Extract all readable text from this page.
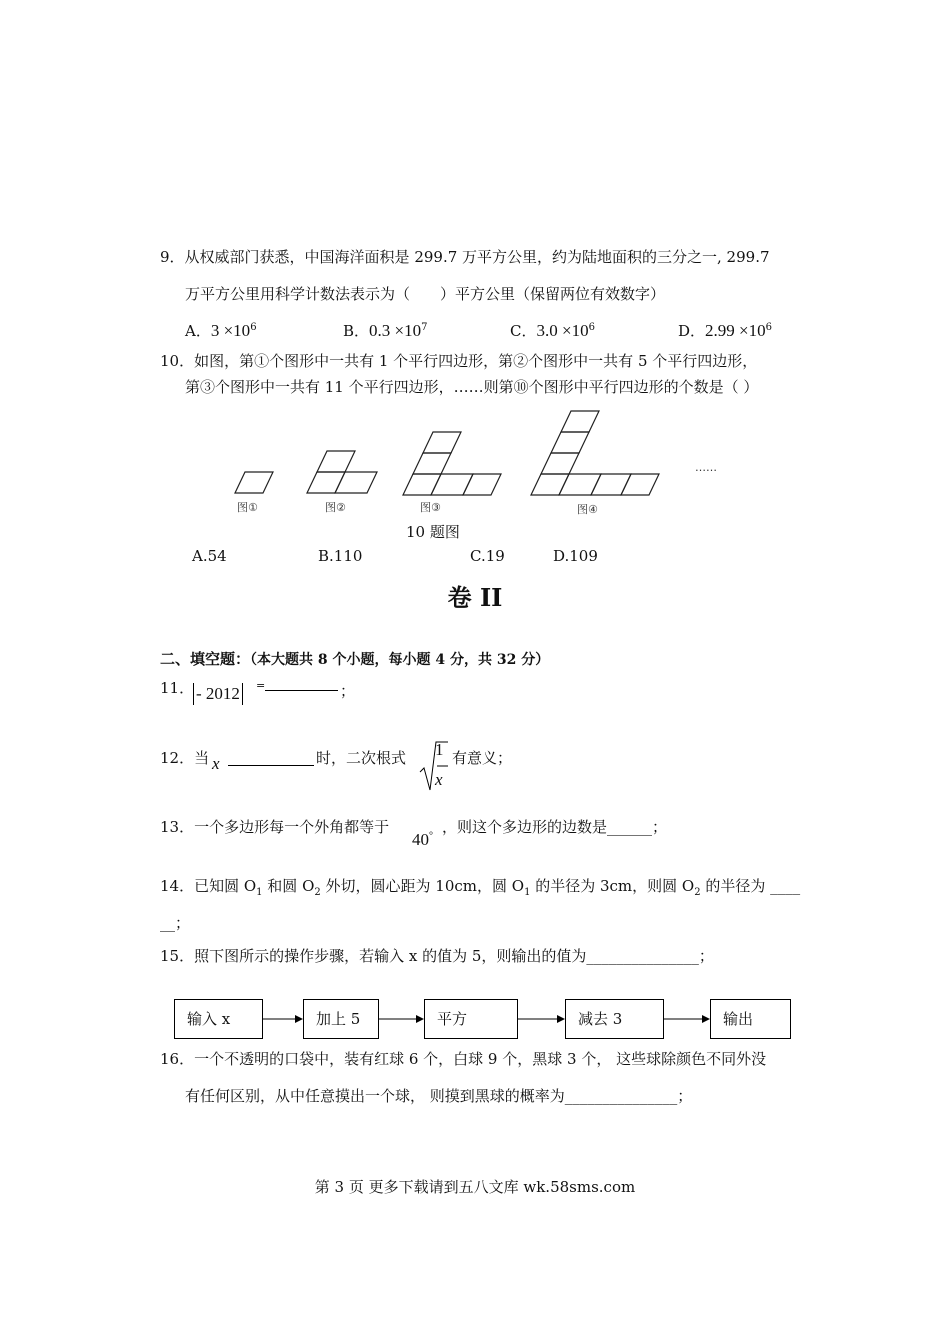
9．从权威部门获悉，中国海洋面积是 299.7 万平方公里，约为陆地面积的三分之一, 299.7
万平方公里用科学计数法表示为（　　）平方公里（保留两位有效数字）
A．$3 \times 10^6$	B．$0.3 \times 10^7$	C．$3.0 \times 10^6$	D．$2.99 \times 10^6$
10．如图，第①个图形中一共有 1 个平行四边形，第②个图形中一共有 5 个平行四边形，
第③个图形中一共有 11 个平行四边形，……则第⑩个图形中平行四边形的个数是（ ）
图①	图②	图③	图④
……
10 题图
A.54	B.110	C.19	D.109
卷 II
二、填空题：（本大题共 8 个小题，每小题 4 分，共 32 分）
11． - 2012 =	；
12．当 x	时，二次根式 1
x
有意义；
13．一个多边形每一个外角都等于
40° ，则这个多边形的边数是______；
14．已知圆 $O_1$ 和圆 $O_2$ 外切，圆心距为 10cm，圆 $O_1$ 的半径为 3cm，则圆 $O_2$ 的半径为 ____
__；
15．照下图所示的操作步骤，若输入 x 的值为 5，则输出的值为_______________；
输入 x	加上 5	平方	减去 3	输出
16．一个不透明的口袋中，装有红球 6 个，白球 9 个，黑球 3 个， 这些球除颜色不同外没
有任何区别，从中任意摸出一个球， 则摸到黑球的概率为_______________；
第 3 页 更多下载请到五八文库 wk.58sms.com
